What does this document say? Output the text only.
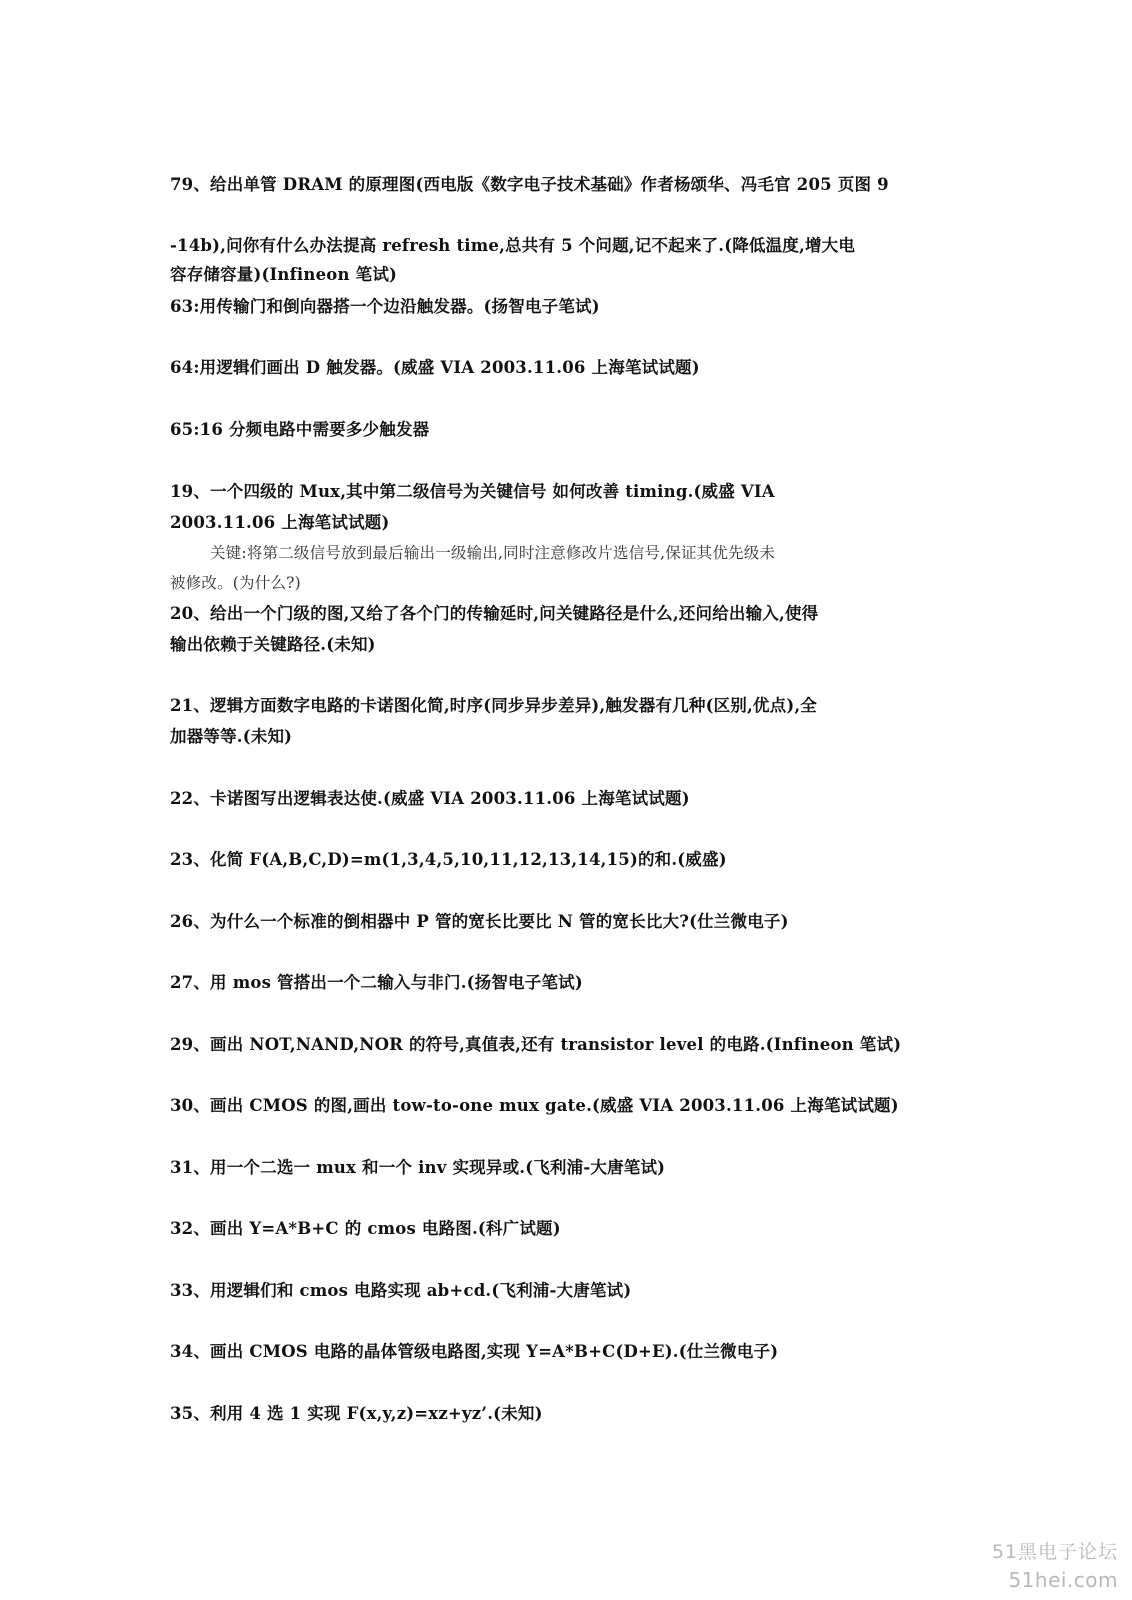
79、给出单管 DRAM 的原理图(西电版《数字电子技术基础》作者杨颂华、冯毛官 205 页图 9
-14b),问你有什么办法提高 refresh time,总共有 5 个问题,记不起来了.(降低温度,增大电
容存储容量)(Infineon 笔试)
63:用传输门和倒向器搭一个边沿触发器。(扬智电子笔试)
64:用逻辑们画出 D 触发器。(威盛 VIA 2003.11.06 上海笔试试题)
65:16 分频电路中需要多少触发器
19、一个四级的 Mux,其中第二级信号为关键信号 如何改善 timing.(威盛 VIA
2003.11.06 上海笔试试题)
关键:将第二级信号放到最后输出一级输出,同时注意修改片选信号,保证其优先级未
被修改。(为什么?)
20、给出一个门级的图,又给了各个门的传输延时,问关键路径是什么,还问给出输入,使得
输出依赖于关键路径.(未知)
21、逻辑方面数字电路的卡诺图化简,时序(同步异步差异),触发器有几种(区别,优点),全
加器等等.(未知)
22、卡诺图写出逻辑表达使.(威盛 VIA 2003.11.06 上海笔试试题)
23、化简 F(A,B,C,D)=m(1,3,4,5,10,11,12,13,14,15)的和.(威盛)
26、为什么一个标准的倒相器中 P 管的宽长比要比 N 管的宽长比大?(仕兰微电子)
27、用 mos 管搭出一个二输入与非门.(扬智电子笔试)
29、画出 NOT,NAND,NOR 的符号,真值表,还有 transistor level 的电路.(Infineon 笔试)
30、画出 CMOS 的图,画出 tow-to-one mux gate.(威盛 VIA 2003.11.06 上海笔试试题)
31、用一个二选一 mux 和一个 inv 实现异或.(飞利浦-大唐笔试)
32、画出 Y=A*B+C 的 cmos 电路图.(科广试题)
33、用逻辑们和 cmos 电路实现 ab+cd.(飞利浦-大唐笔试)
34、画出 CMOS 电路的晶体管级电路图,实现 Y=A*B+C(D+E).(仕兰微电子)
35、利用 4 选 1 实现 F(x,y,z)=xz+yz’.(未知)
51黑电子论坛
51hei.com
